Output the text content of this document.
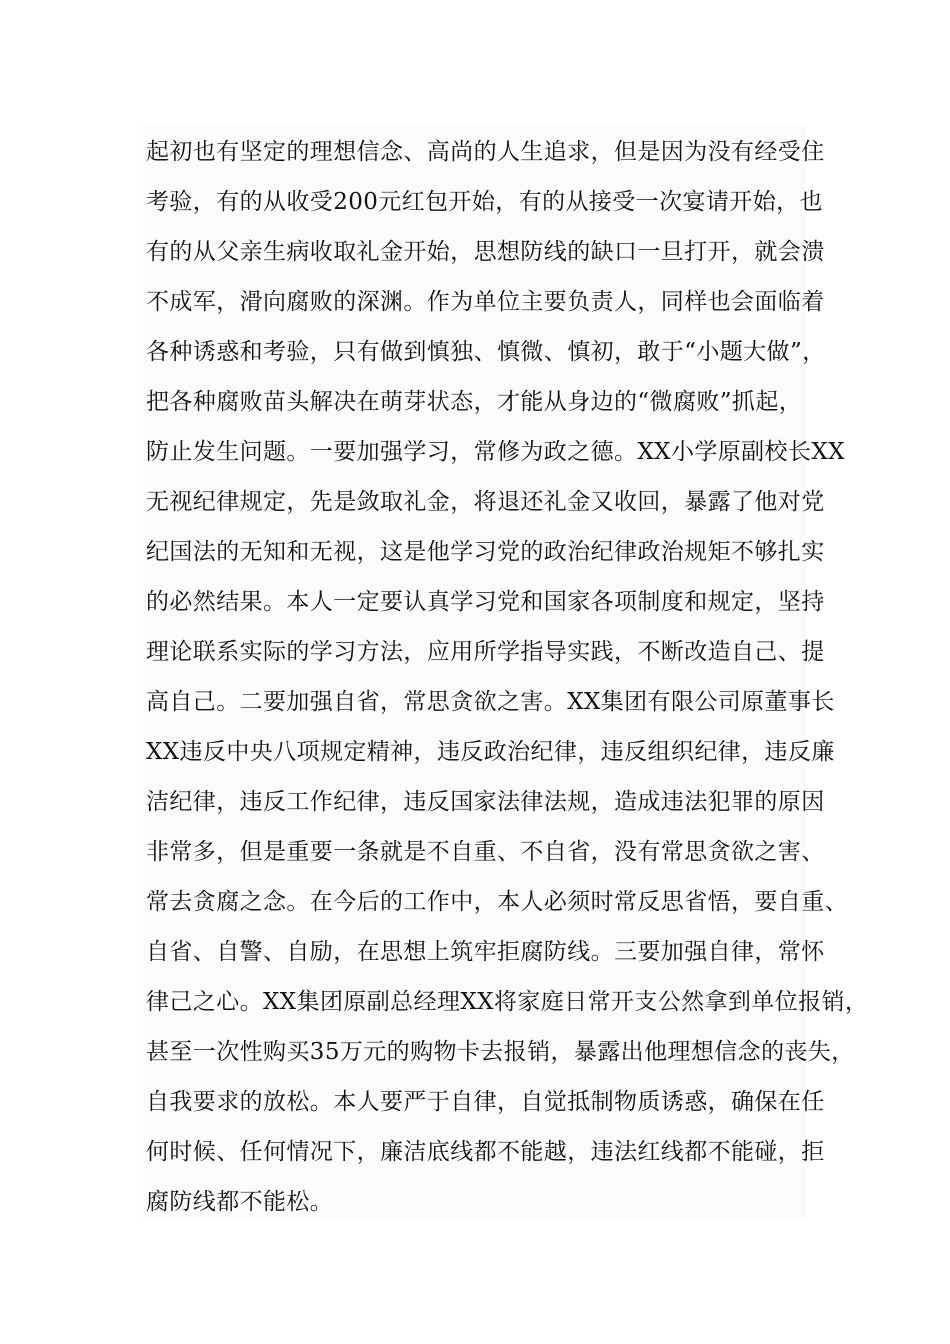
起初也有坚定的理想信念、高尚的人生追求，但是因为没有经受住
考验，有的从收受200元红包开始，有的从接受一次宴请开始，也
有的从父亲生病收取礼金开始，思想防线的缺口一旦打开，就会溃
不成军，滑向腐败的深渊。作为单位主要负责人，同样也会面临着
各种诱惑和考验，只有做到慎独、慎微、慎初，敢于“小题大做”，
把各种腐败苗头解决在萌芽状态，才能从身边的“微腐败”抓起，
防止发生问题。一要加强学习，常修为政之德。XX小学原副校长XX
无视纪律规定，先是敛取礼金，将退还礼金又收回，暴露了他对党
纪国法的无知和无视，这是他学习党的政治纪律政治规矩不够扎实
的必然结果。本人一定要认真学习党和国家各项制度和规定，坚持
理论联系实际的学习方法，应用所学指导实践，不断改造自己、提
高自己。二要加强自省，常思贪欲之害。XX集团有限公司原董事长
XX违反中央八项规定精神，违反政治纪律，违反组织纪律，违反廉
洁纪律，违反工作纪律，违反国家法律法规，造成违法犯罪的原因
非常多，但是重要一条就是不自重、不自省，没有常思贪欲之害、
常去贪腐之念。在今后的工作中，本人必须时常反思省悟，要自重、
自省、自警、自励，在思想上筑牢拒腐防线。三要加强自律，常怀
律己之心。XX集团原副总经理XX将家庭日常开支公然拿到单位报销，
甚至一次性购买35万元的购物卡去报销，暴露出他理想信念的丧失，
自我要求的放松。本人要严于自律，自觉抵制物质诱惑，确保在任
何时候、任何情况下，廉洁底线都不能越，违法红线都不能碰，拒
腐防线都不能松。
